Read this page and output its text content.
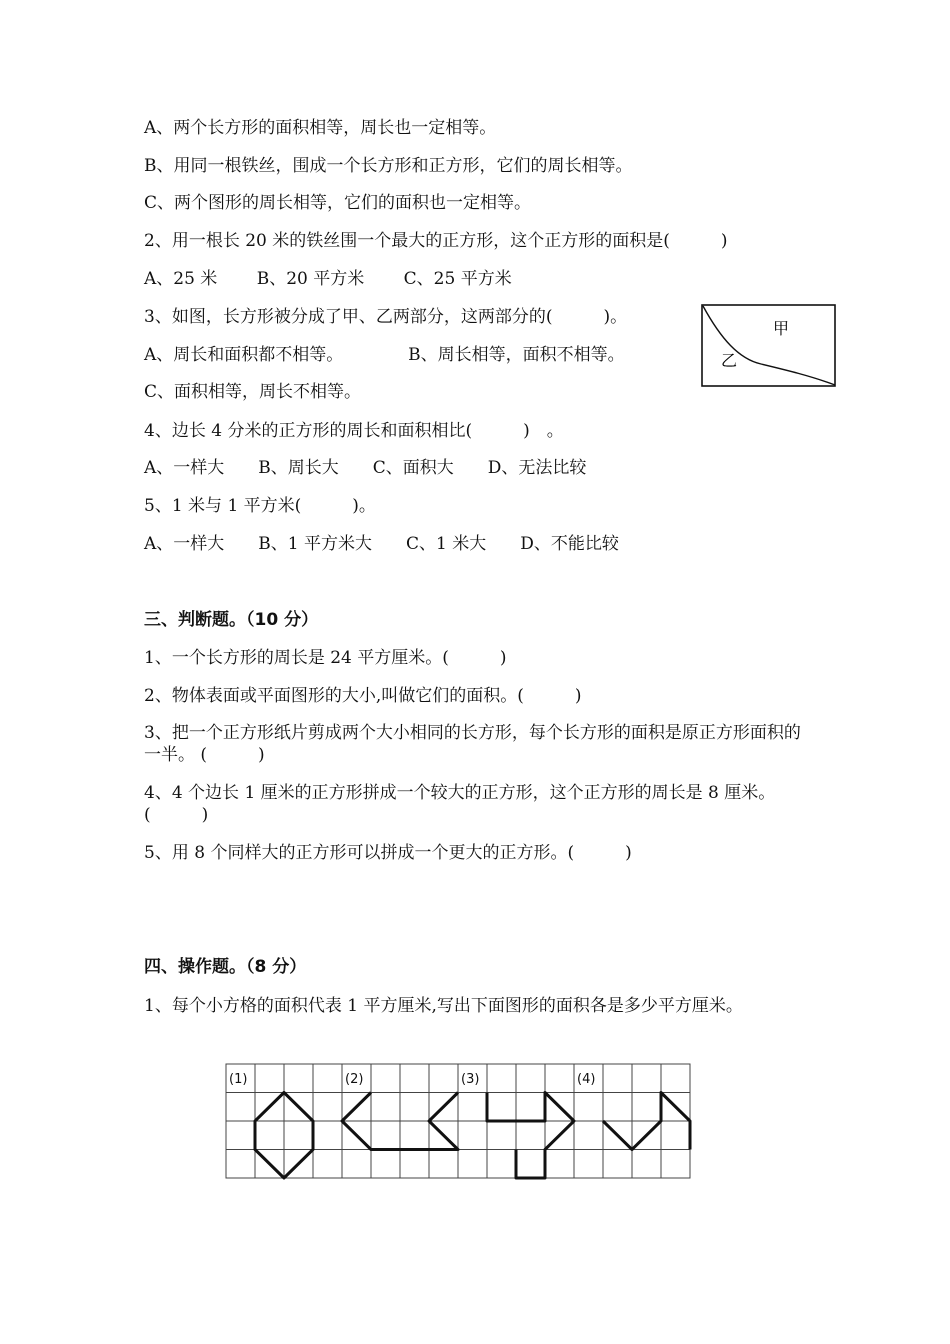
A、两个长方形的面积相等，周长也一定相等。
B、用同一根铁丝，围成一个长方形和正方形，它们的周长相等。
C、两个图形的周长相等，它们的面积也一定相等。
2、用一根长 20 米的铁丝围一个最大的正方形，这个正方形的面积是(　　　)
A、25 米　　 B、20 平方米　　 C、25 平方米
3、如图，长方形被分成了甲、乙两部分，这两部分的(　　　)。
A、周长和面积都不相等。　　　　 B、周长相等，面积不相等。
C、面积相等，周长不相等。
甲
乙
4、边长 4 分米的正方形的周长和面积相比(　　　)　。
A、一样大　　B、周长大　　C、面积大　　D、无法比较
5、1 米与 1 平方米(　　　)。
A、一样大　　B、1 平方米大　　C、1 米大　　D、不能比较
三、判断题。（10 分）
1、一个长方形的周长是 24 平方厘米。(　　　)
2、物体表面或平面图形的大小,叫做它们的面积。(　　　)
3、把一个正方形纸片剪成两个大小相同的长方形，每个长方形的面积是原正方形面积的一半。 (　　　)
4、4 个边长 1 厘米的正方形拼成一个较大的正方形，这个正方形的周长是 8 厘米。(　　　)
5、用 8 个同样大的正方形可以拼成一个更大的正方形。(　　　)
四、操作题。（8 分）
1、每个小方格的面积代表 1 平方厘米,写出下面图形的面积各是多少平方厘米。
(1)	(2)	(3)	(4)
